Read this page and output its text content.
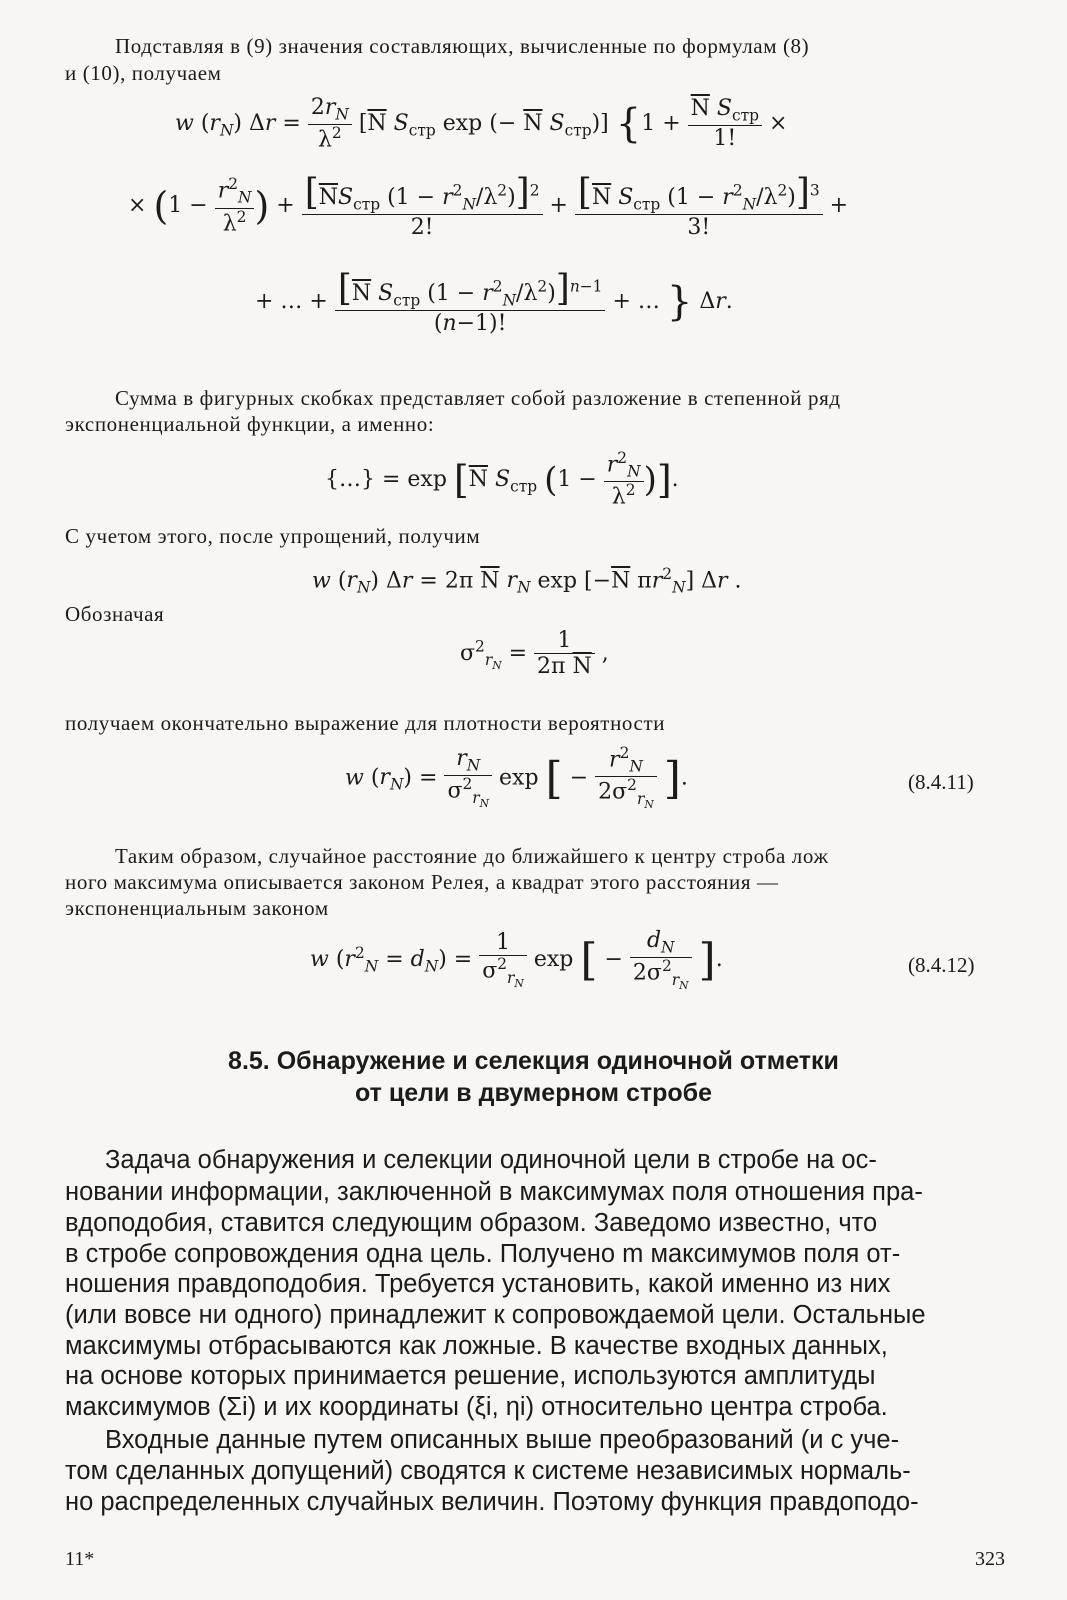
Подставляя в (9) значения составляющих, вычисленные по формулам (8)
и (10), получаем
w $(r_N) \Delta r = \frac{2r_N}{\lambda^2} [\overline{N}$ $S_{стр}$ exp (− $\overline{N}$ $S_{стр}$)] {1 +
$\overline{N}$ $S_{стр}$
1!
×
× ($1 - \frac{r^2_N}{\lambda^2}$ ) + [$\overline{N}S_{стр}$ $(1 - r^2_N/\lambda^2)]^2$
2!
+ [$\overline{N}$ $S_{стр}$ $(1 - r^2_N/\lambda^2)]^3$
3!
+
+ … + [$\overline{N}$ $S_{стр}$ $(1 - r^2_N/\lambda^2)]^{n-1}$
(n−1)!
+ … } Δr.
Сумма в фигурных скобках представляет собой разложение в степенной ряд
экспоненциальной функции, а именно:
{…} = $\exp [\overline{N}$ $S_{стр}$ ($1 - \frac{r^2_N}{\lambda^2}$ )].
С учетом этого, после упрощений, получим
w $(r_N) \Delta r = 2\pi$ $\overline{N}$ $r_N$ $\exp [-\overline{N}$ $\pi r^2_N$] Δr .
Обозначая
$\sigma^2_{r_N} = \frac{1}{2\pi \overline{N}}$ ,
получаем окончательно выражение для плотности вероятности
w $(r_N) = \frac{r_N}{\sigma^2_{r_N}}$ exp [ − $\frac{r^2_N}{2\sigma^2_{r_N}}$ ].	(8.4.11)
Таким образом, случайное расстояние до ближайшего к центру строба лож
ного максимума описывается законом Релея, а квадрат этого расстояния —
экспоненциальным законом
w $(r^2_N = d_N) = \frac{1}{\sigma^2_{r_N}}$ exp [ − $\frac{d_N}{2\sigma^2_{r_N}}$ ].	(8.4.12)
8.5. Обнаружение и селекция одиночной отметки
от цели в двумерном стробе
Задача обнаружения и селекции одиночной цели в стробе на ос-
новании информации, заключенной в максимумах поля отношения пра-
вдоподобия, ставится следующим образом. Заведомо известно, что
в стробе сопровождения одна цель. Получено m максимумов поля от-
ношения правдоподобия. Требуется установить, какой именно из них
(или вовсе ни одного) принадлежит к сопровождаемой цели. Остальные
максимумы отбрасываются как ложные. В качестве входных данных,
на основе которых принимается решение, используются амплитуды
максимумов (Σi) и их координаты (ξi, ηi) относительно центра строба.
Входные данные путем описанных выше преобразований (и с уче-
том сделанных допущений) сводятся к системе независимых нормаль-
но распределенных случайных величин. Поэтому функция правдоподо-
11*	323
